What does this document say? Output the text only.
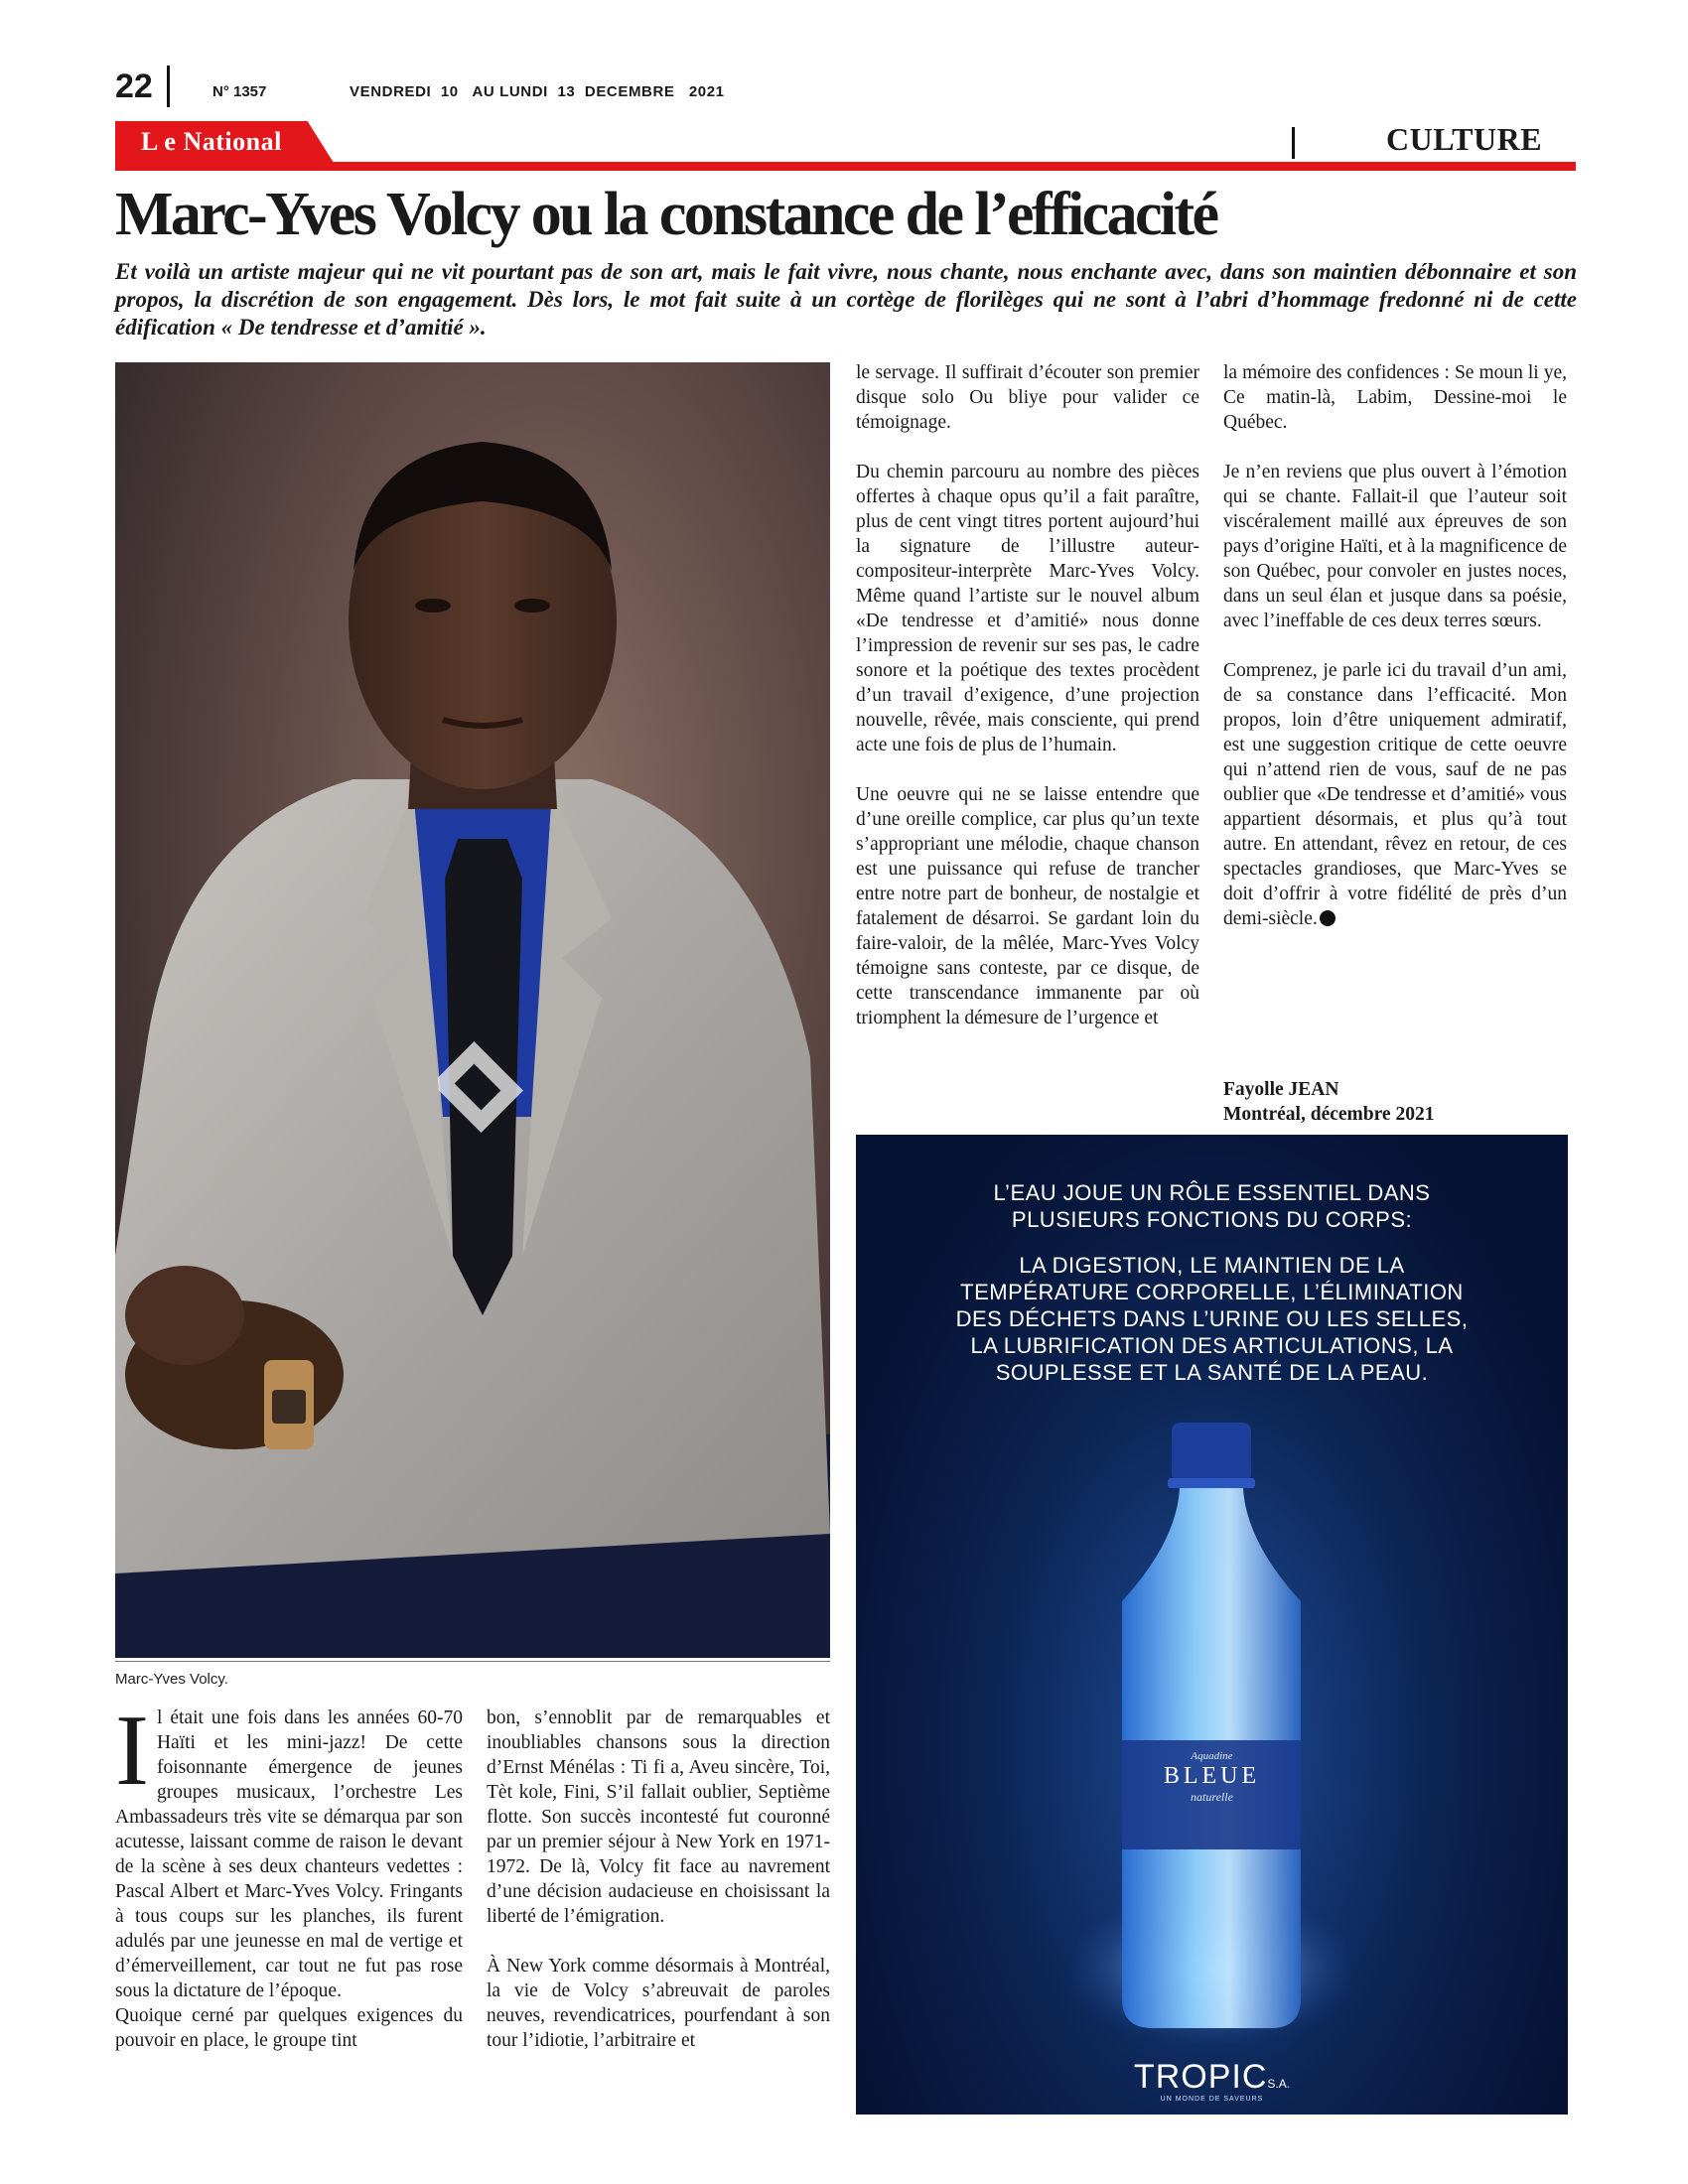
22	N° 1357	VENDREDI  10   AU LUNDI  13  DECEMBRE   2021
L e National	CULTURE
Marc-Yves Volcy ou la constance de l’efficacité
Et voilà un artiste majeur qui ne vit pourtant pas de son art, mais le fait vivre, nous chante, nous enchante avec, dans son maintien débonnaire et son propos, la discrétion de son engagement. Dès lors, le mot fait suite à un cortège de florilèges qui ne sont à l’abri d’hommage fredonné ni de cette édification « De tendresse et d’amitié ».
Marc-Yves Volcy.

Il était une fois dans les années 60-70 Haïti et les mini-jazz! De cette foisonnante émergence de jeunes groupes musicaux, l’orchestre Les Ambassadeurs très vite se démarqua par son acutesse, laissant comme de raison le devant de la scène à ses deux chanteurs vedettes : Pascal Albert et Marc-Yves Volcy. Fringants à tous coups sur les planches, ils furent adulés par une jeunesse en mal de vertige et d’émerveillement, car tout ne fut pas rose sous la dictature de l’époque.

Quoique cerné par quelques exigences du pouvoir en place, le groupe tint

bon, s’ennoblit par de remarquables et inoubliables chansons sous la direction d’Ernst Ménélas : Ti fi a, Aveu sincère, Toi, Tèt kole, Fini, S’il fallait oublier, Septième flotte. Son succès incontesté fut couronné par un premier séjour à New York en 1971-1972. De là, Volcy fit face au navrement d’une décision audacieuse en choisissant la liberté de l’émigration.

À New York comme désormais à Montréal, la vie de Volcy s’abreuvait de paroles neuves, revendicatrices, pourfendant à son tour l’idiotie, l’arbitraire et

le servage. Il suffirait d’écouter son premier disque solo Ou bliye pour valider ce témoignage.

Du chemin parcouru au nombre des pièces offertes à chaque opus qu’il a fait paraître, plus de cent vingt titres portent aujourd’hui la signature de l’illustre auteur-compositeur-interprète Marc-Yves Volcy. Même quand l’artiste sur le nouvel album «De tendresse et d’amitié» nous donne l’impression de revenir sur ses pas, le cadre sonore et la poétique des textes procèdent d’un travail d’exigence, d’une projection nouvelle, rêvée, mais consciente, qui prend acte une fois de plus de l’humain.

Une oeuvre qui ne se laisse entendre que d’une oreille complice, car plus qu’un texte s’appropriant une mélodie, chaque chanson est une puissance qui refuse de trancher entre notre part de bonheur, de nostalgie et fatalement de désarroi. Se gardant loin du faire-valoir, de la mêlée, Marc-Yves Volcy témoigne sans conteste, par ce disque, de cette transcendance immanente par où triomphent la démesure de l’urgence et

la mémoire des confidences : Se moun li ye, Ce matin-là, Labim, Dessine-moi le Québec.

Je n’en reviens que plus ouvert à l’émotion qui se chante. Fallait-il que l’auteur soit viscéralement maillé aux épreuves de son pays d’origine Haïti, et à la magnificence de son Québec, pour convoler en justes noces, dans un seul élan et jusque dans sa poésie, avec l’ineffable de ces deux terres sœurs.

Comprenez, je parle ici du travail d’un ami, de sa constance dans l’efficacité. Mon propos, loin d’être uniquement admiratif, est une suggestion critique de cette oeuvre qui n’attend rien de vous, sauf de ne pas oublier que «De tendresse et d’amitié» vous appartient désormais, et plus qu’à tout autre. En attendant, rêvez en retour, de ces spectacles grandioses, que Marc-Yves se doit d’offrir à votre fidélité de près d’un demi-siècle.

Fayolle JEAN
Montréal, décembre 2021
L’EAU JOUE UN RÔLE ESSENTIEL DANS
PLUSIEURS FONCTIONS DU CORPS:
LA DIGESTION, LE MAINTIEN DE LA
TEMPÉRATURE CORPORELLE, L’ÉLIMINATION
DES DÉCHETS DANS L’URINE OU LES SELLES,
LA LUBRIFICATION DES ARTICULATIONS, LA
SOUPLESSE ET LA SANTÉ DE LA PEAU.
Aquadine
BLEUE
naturelle
TROPICS.A.
UN MONDE DE SAVEURS
